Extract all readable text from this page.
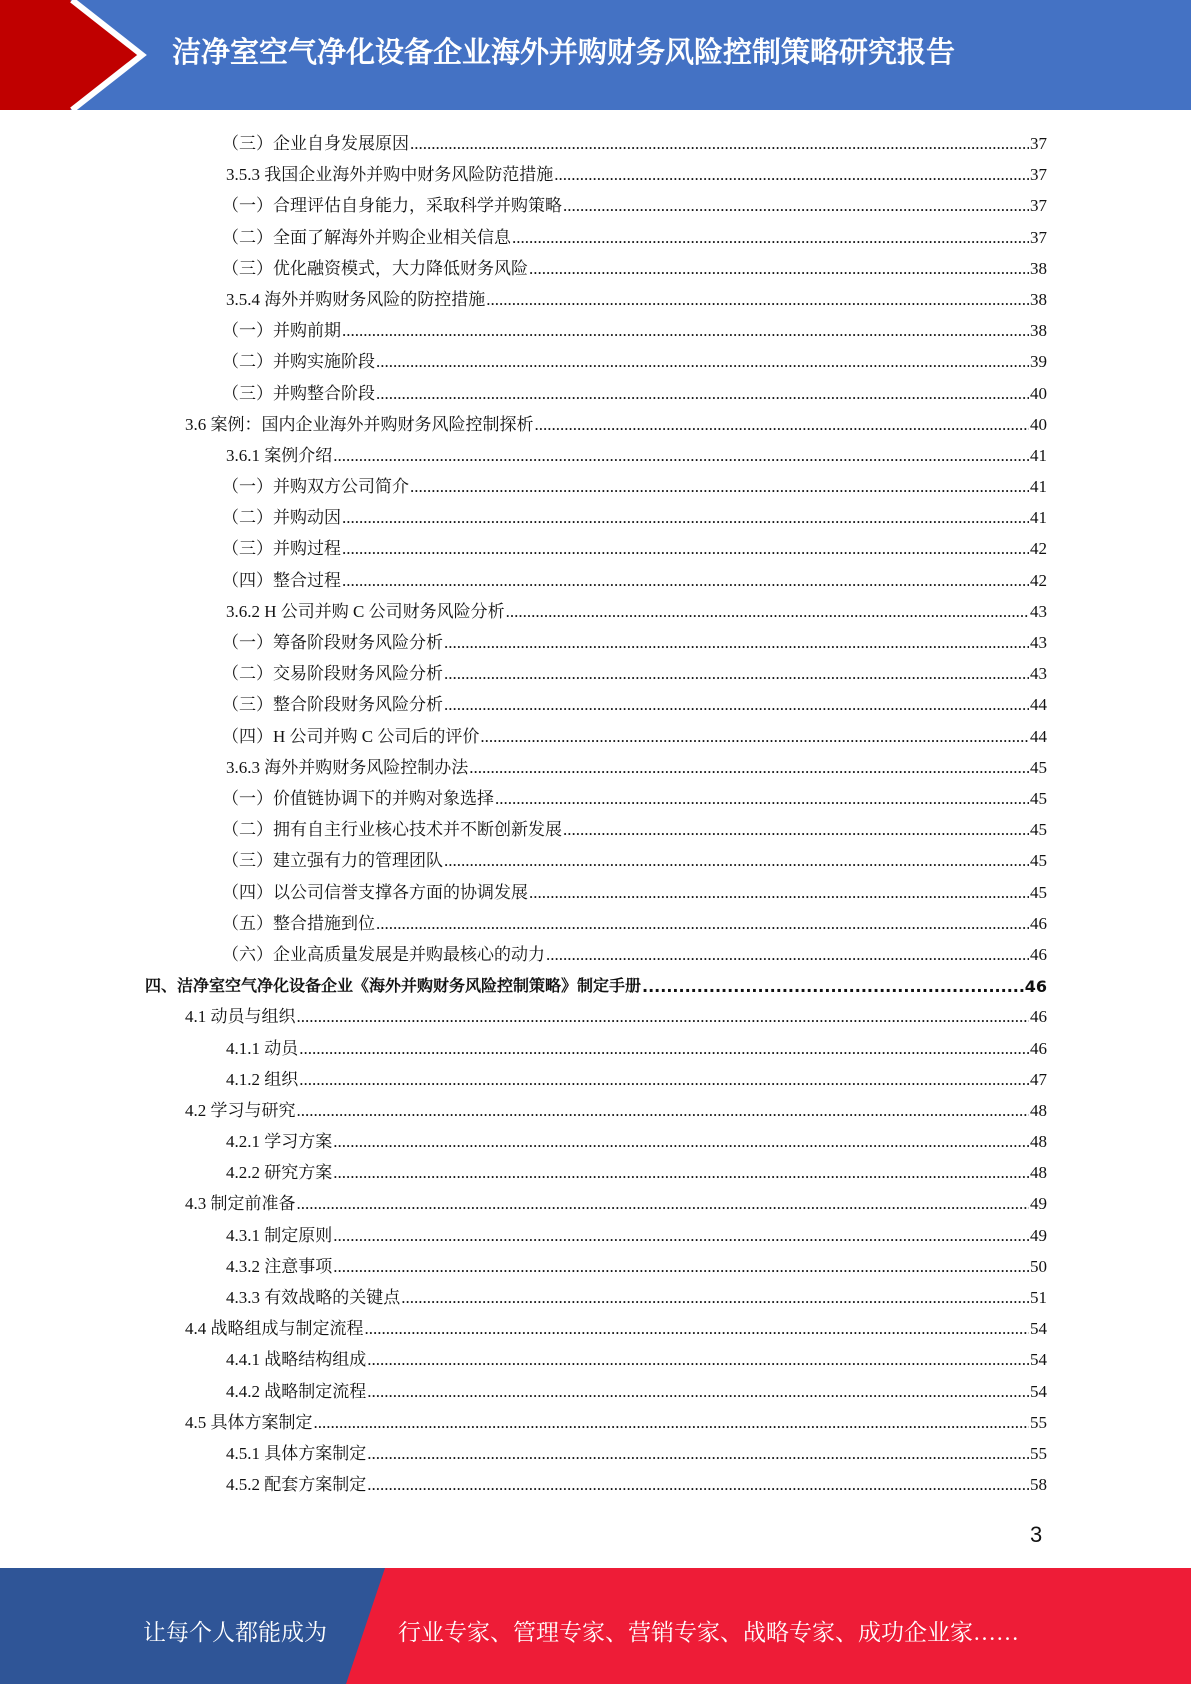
洁净室空气净化设备企业海外并购财务风险控制策略研究报告
（三）企业自身发展原因 .....	37
3.5.3 我国企业海外并购中财务风险防范措施 .....	37
（一）合理评估自身能力，采取科学并购策略 .....	37
（二）全面了解海外并购企业相关信息 .....	37
（三）优化融资模式，大力降低财务风险 .....	38
3.5.4 海外并购财务风险的防控措施 .....	38
（一）并购前期 .....	38
（二）并购实施阶段 .....	39
（三）并购整合阶段 .....	40
3.6 案例：国内企业海外并购财务风险控制探析 .....	40
3.6.1 案例介绍 .....	41
（一）并购双方公司简介 .....	41
（二）并购动因 .....	41
（三）并购过程 .....	42
（四）整合过程 .....	42
3.6.2 H 公司并购 C 公司财务风险分析 .....	43
（一）筹备阶段财务风险分析 .....	43
（二）交易阶段财务风险分析 .....	43
（三）整合阶段财务风险分析 .....	44
（四）H 公司并购 C 公司后的评价 .....	44
3.6.3 海外并购财务风险控制办法 .....	45
（一）价值链协调下的并购对象选择 .....	45
（二）拥有自主行业核心技术并不断创新发展 .....	45
（三）建立强有力的管理团队 .....	45
（四）以公司信誉支撑各方面的协调发展 .....	45
（五）整合措施到位 .....	46
（六）企业高质量发展是并购最核心的动力 .....	46
四、洁净室空气净化设备企业《海外并购财务风险控制策略》制定手册 .....	46
4.1 动员与组织 .....	46
4.1.1 动员 .....	46
4.1.2 组织 .....	47
4.2 学习与研究 .....	48
4.2.1 学习方案 .....	48
4.2.2 研究方案 .....	48
4.3 制定前准备 .....	49
4.3.1 制定原则 .....	49
4.3.2 注意事项 .....	50
4.3.3 有效战略的关键点 .....	51
4.4 战略组成与制定流程 .....	54
4.4.1 战略结构组成 .....	54
4.4.2 战略制定流程 .....	54
4.5 具体方案制定 .....	55
4.5.1 具体方案制定 .....	55
4.5.2 配套方案制定 .....	58
3
让每个人都能成为	行业专家、管理专家、营销专家、战略专家、成功企业家……
